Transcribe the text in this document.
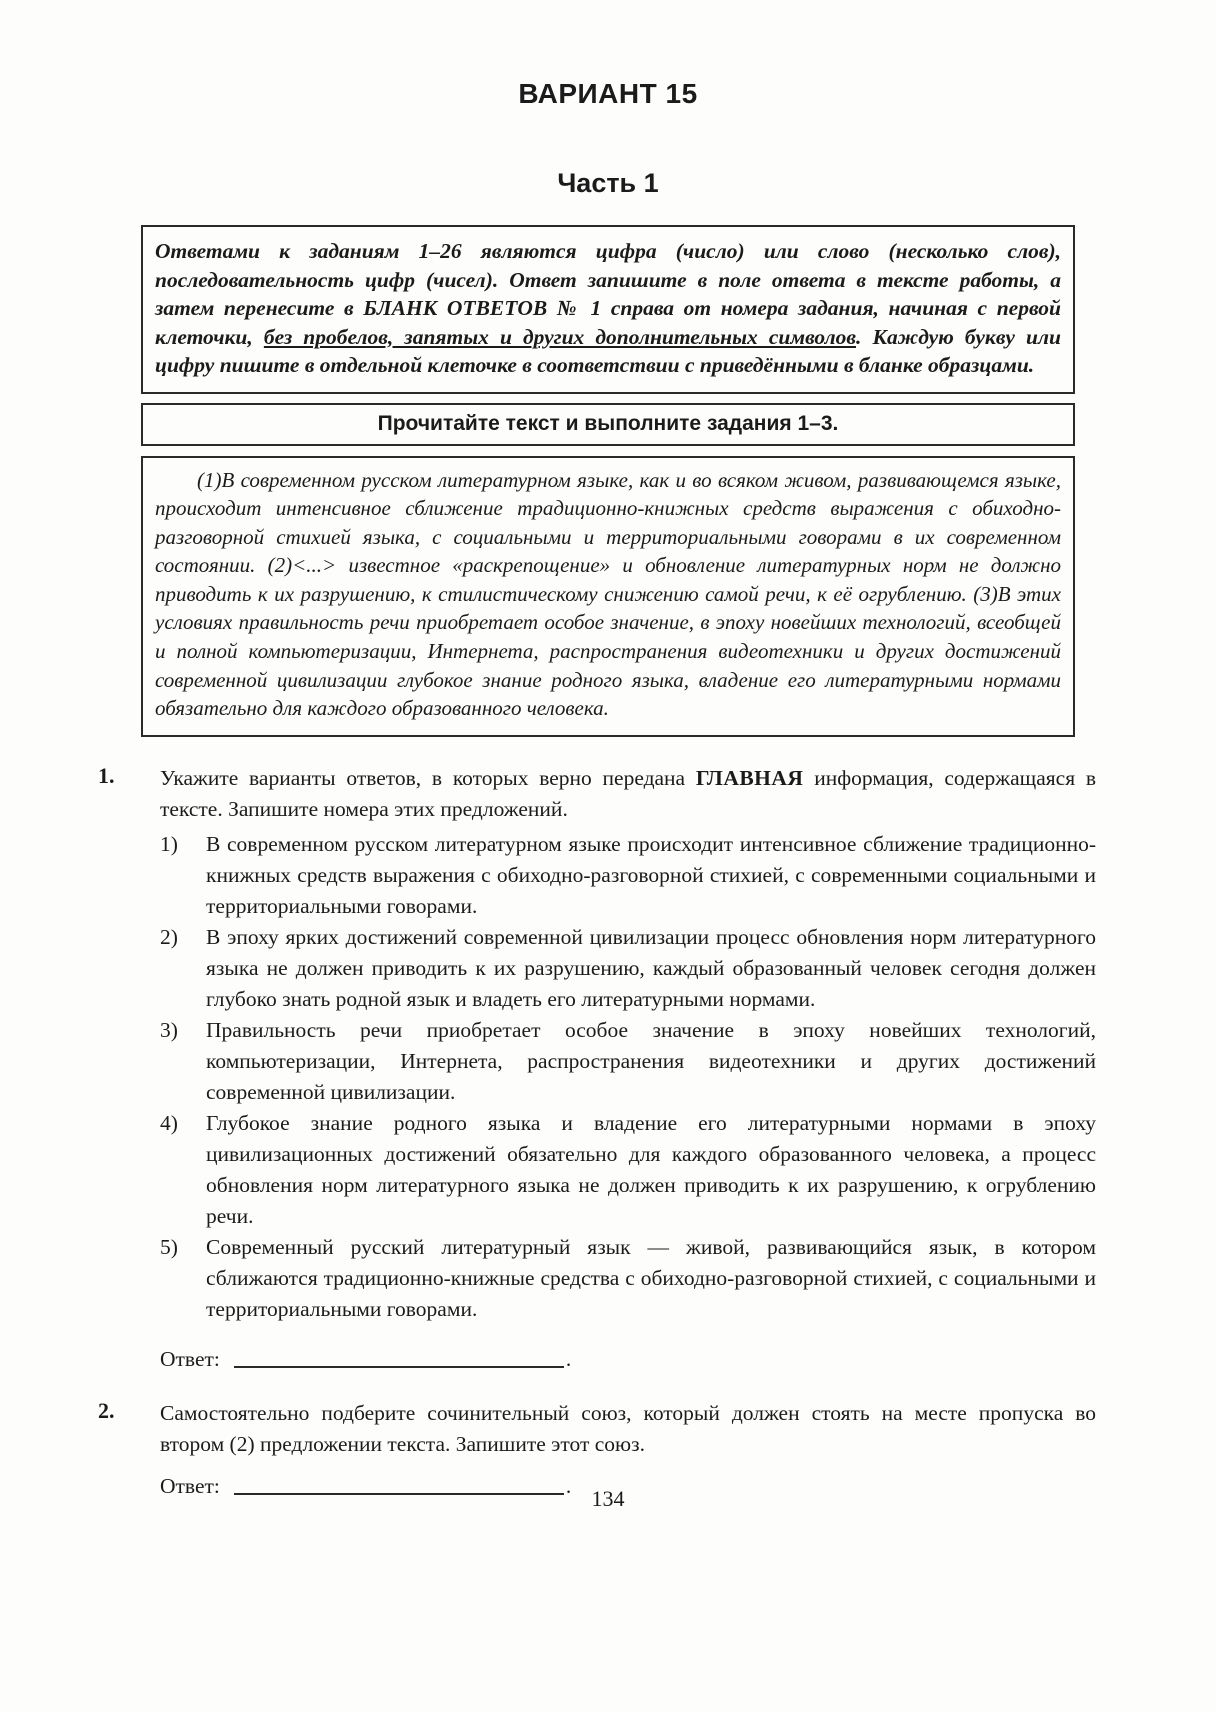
ВАРИАНТ 15
Часть 1

Ответами к заданиям 1–26 являются цифра (число) или слово (несколько слов), последовательность цифр (чисел). Ответ запишите в поле ответа в тексте работы, а затем перенесите в БЛАНК ОТВЕТОВ № 1 справа от номера задания, начиная с первой клеточки, без пробелов, запятых и других дополнительных символов. Каждую букву или цифру пишите в отдельной клеточке в соответствии с приведёнными в бланке образцами.

Прочитайте текст и выполните задания 1–3.

(1)В современном русском литературном языке, как и во всяком живом, развивающемся языке, происходит интенсивное сближение традиционно-книжных средств выражения с обиходно-разговорной стихией языка, с социальными и территориальными говорами в их современном состоянии. (2)<...> известное «раскрепощение» и обновление литературных норм не должно приводить к их разрушению, к стилистическому снижению самой речи, к её огрублению. (3)В этих условиях правильность речи приобретает особое значение, в эпоху новейших технологий, всеобщей и полной компьютеризации, Интернета, распространения видеотехники и других достижений современной цивилизации глубокое знание родного языка, владение его литературными нормами обязательно для каждого образованного человека.

1. Укажите варианты ответов, в которых верно передана ГЛАВНАЯ информация, содержащаяся в тексте. Запишите номера этих предложений.

1)	В современном русском литературном языке происходит интенсивное сближение традиционно-книжных средств выражения с обиходно-разговорной стихией, с современными социальными и территориальными говорами.
2)	В эпоху ярких достижений современной цивилизации процесс обновления норм литературного языка не должен приводить к их разрушению, каждый образованный человек сегодня должен глубоко знать родной язык и владеть его литературными нормами.
3)	Правильность речи приобретает особое значение в эпоху новейших технологий, компьютеризации, Интернета, распространения видеотехники и других достижений современной цивилизации.
4)	Глубокое знание родного языка и владение его литературными нормами в эпоху цивилизационных достижений обязательно для каждого образованного человека, а процесс обновления норм литературного языка не должен приводить к их разрушению, к огрублению речи.
5)	Современный русский литературный язык — живой, развивающийся язык, в котором сближаются традиционно-книжные средства с обиходно-разговорной стихией, с социальными и территориальными говорами.
Ответ:	.
2. Самостоятельно подберите сочинительный союз, который должен стоять на месте пропуска во втором (2) предложении текста. Запишите этот союз.

Ответ:	.
134
